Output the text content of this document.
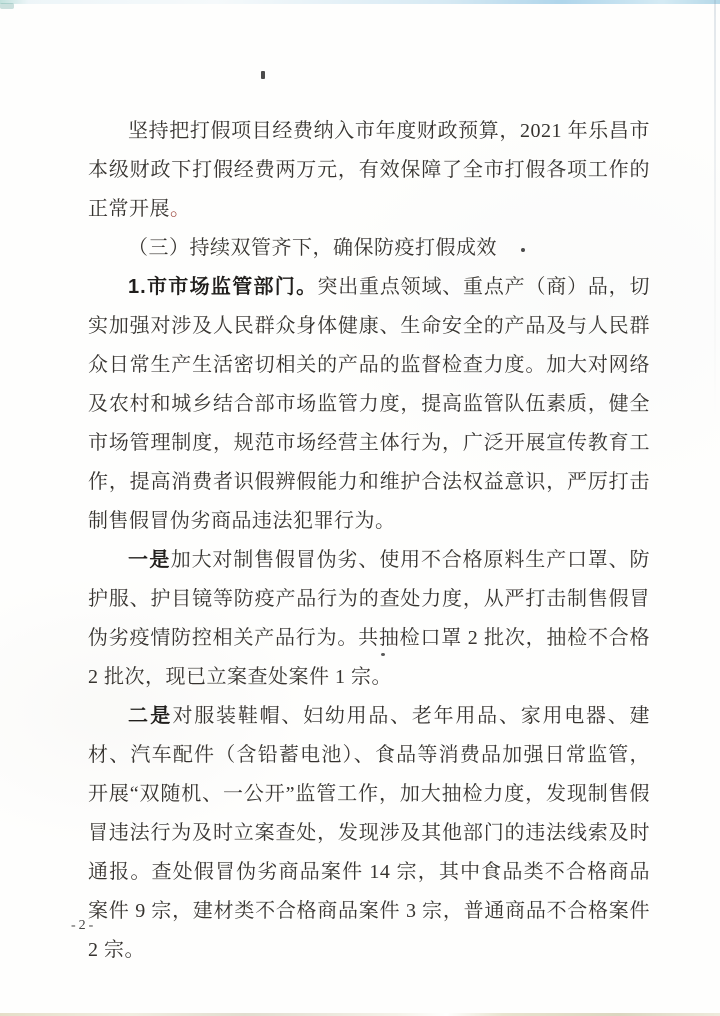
坚持把打假项目经费纳入市年度财政预算，2021 年乐昌市本级财政下打假经费两万元，有效保障了全市打假各项工作的正常开展。

（三）持续双管齐下，确保防疫打假成效

1.市市场监管部门。突出重点领域、重点产（商）品，切实加强对涉及人民群众身体健康、生命安全的产品及与人民群众日常生产生活密切相关的产品的监督检查力度。加大对网络及农村和城乡结合部市场监管力度，提高监管队伍素质，健全市场管理制度，规范市场经营主体行为，广泛开展宣传教育工作，提高消费者识假辨假能力和维护合法权益意识，严厉打击制售假冒伪劣商品违法犯罪行为。

一是加大对制售假冒伪劣、使用不合格原料生产口罩、防护服、护目镜等防疫产品行为的查处力度，从严打击制售假冒伪劣疫情防控相关产品行为。共抽检口罩 2 批次，抽检不合格 2 批次，现已立案查处案件 1 宗。

二是对服装鞋帽、妇幼用品、老年用品、家用电器、建材、汽车配件（含铅蓄电池）、食品等消费品加强日常监管，开展“双随机、一公开”监管工作，加大抽检力度，发现制售假冒违法行为及时立案查处，发现涉及其他部门的违法线索及时通报。查处假冒伪劣商品案件 14 宗，其中食品类不合格商品案件 9 宗，建材类不合格商品案件 3 宗，普通商品不合格案件 2 宗。

-2-
